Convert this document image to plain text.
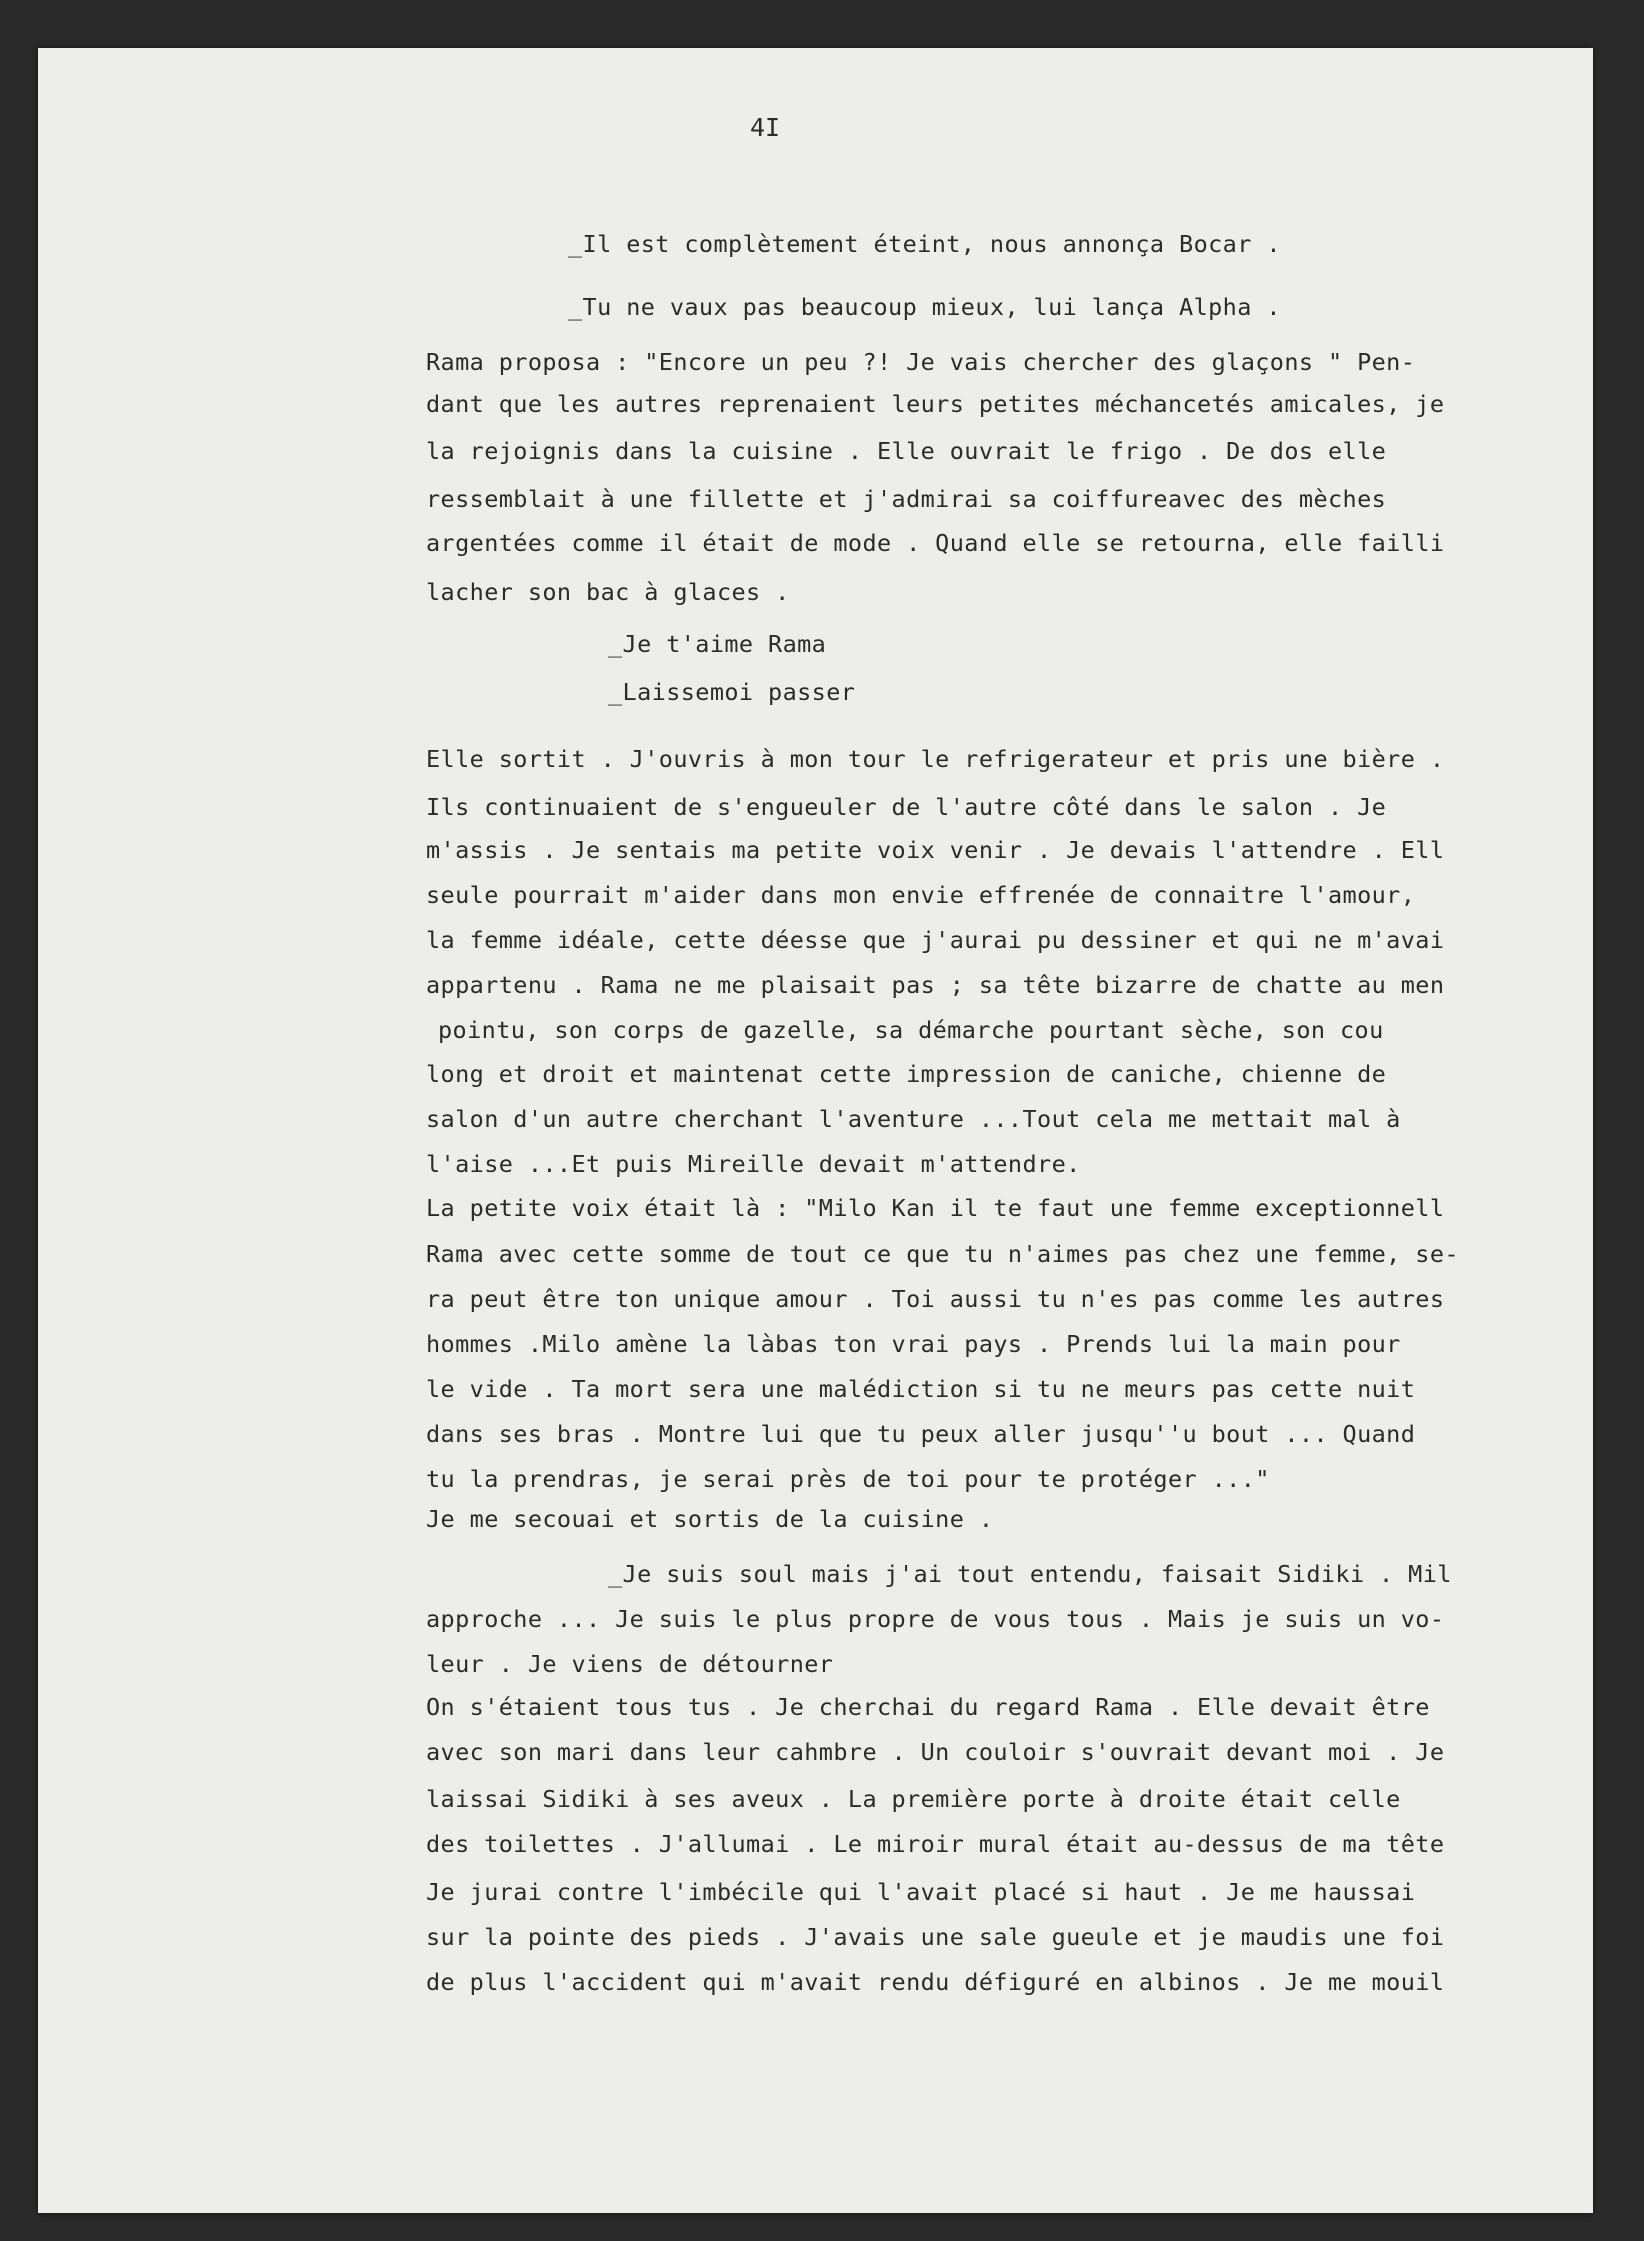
4I
_Il est complètement éteint, nous annonça Bocar .
_Tu ne vaux pas beaucoup mieux, lui lança Alpha .
Rama proposa : "Encore un peu ?! Je vais chercher des glaçons " Pen-
dant que les autres reprenaient leurs petites méchancetés amicales, je
la rejoignis dans la cuisine . Elle ouvrait le frigo . De dos elle
ressemblait à une fillette et j'admirai sa coiffureavec des mèches
argentées comme il était de mode . Quand elle se retourna, elle failli
lacher son bac à glaces .
_Je t'aime Rama
_Laissemoi passer
Elle sortit . J'ouvris à mon tour le refrigerateur et pris une bière .
Ils continuaient de s'engueuler de l'autre côté dans le salon . Je
m'assis . Je sentais ma petite voix venir . Je devais l'attendre . Ell
seule pourrait m'aider dans mon envie effrenée de connaitre l'amour,
la femme idéale, cette déesse que j'aurai pu dessiner et qui ne m'avai
appartenu . Rama ne me plaisait pas ; sa tête bizarre de chatte au men
pointu, son corps de gazelle, sa démarche pourtant sèche, son cou
long et droit et maintenat cette impression de caniche, chienne de
salon d'un autre cherchant l'aventure ...Tout cela me mettait mal à
l'aise ...Et puis Mireille devait m'attendre.
La petite voix était là : "Milo Kan il te faut une femme exceptionnell
Rama avec cette somme de tout ce que tu n'aimes pas chez une femme, se-
ra peut être ton unique amour . Toi aussi tu n'es pas comme les autres
hommes .Milo amène la làbas ton vrai pays . Prends lui la main pour
le vide . Ta mort sera une malédiction si tu ne meurs pas cette nuit
dans ses bras . Montre lui que tu peux aller jusqu''u bout ... Quand
tu la prendras, je serai près de toi pour te protéger ..."
Je me secouai et sortis de la cuisine .
_Je suis soul mais j'ai tout entendu, faisait Sidiki . Mil
approche ... Je suis le plus propre de vous tous . Mais je suis un vo-
leur . Je viens de détourner
On s'étaient tous tus . Je cherchai du regard Rama . Elle devait être
avec son mari dans leur cahmbre . Un couloir s'ouvrait devant moi . Je
laissai Sidiki à ses aveux . La première porte à droite était celle
des toilettes . J'allumai . Le miroir mural était au-dessus de ma tête
Je jurai contre l'imbécile qui l'avait placé si haut . Je me haussai
sur la pointe des pieds . J'avais une sale gueule et je maudis une foi
de plus l'accident qui m'avait rendu défiguré en albinos . Je me mouil
